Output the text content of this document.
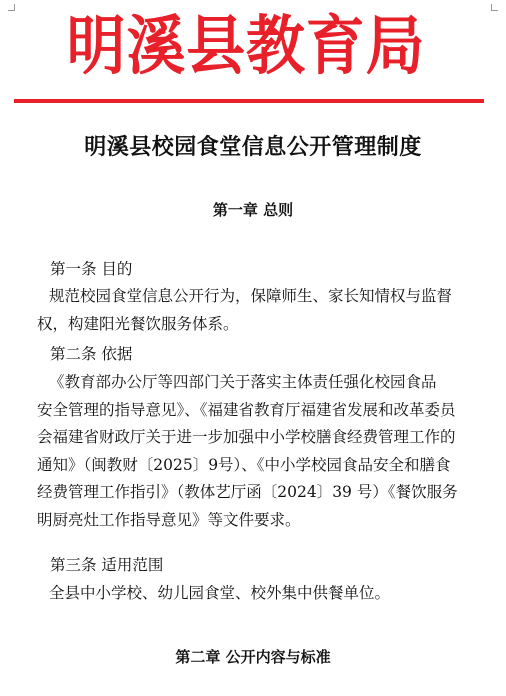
明溪县教育局
明溪县校园食堂信息公开管理制度
第一章 总则
第一条 目的
规范校园食堂信息公开行为，保障师生、家长知情权与监督
权，构建阳光餐饮服务体系。
第二条 依据
《教育部办公厅等四部门关于落实主体责任强化校园食品
安全管理的指导意见》、《福建省教育厅福建省发展和改革委员
会福建省财政厅关于进一步加强中小学校膳食经费管理工作的
通知》（闽教财〔2025〕9号）、《中小学校园食品安全和膳食
经费管理工作指引》（教体艺厅函〔2024〕39 号）《餐饮服务
明厨亮灶工作指导意见》等文件要求。
第三条 适用范围
全县中小学校、幼儿园食堂、校外集中供餐单位。
第二章 公开内容与标准
